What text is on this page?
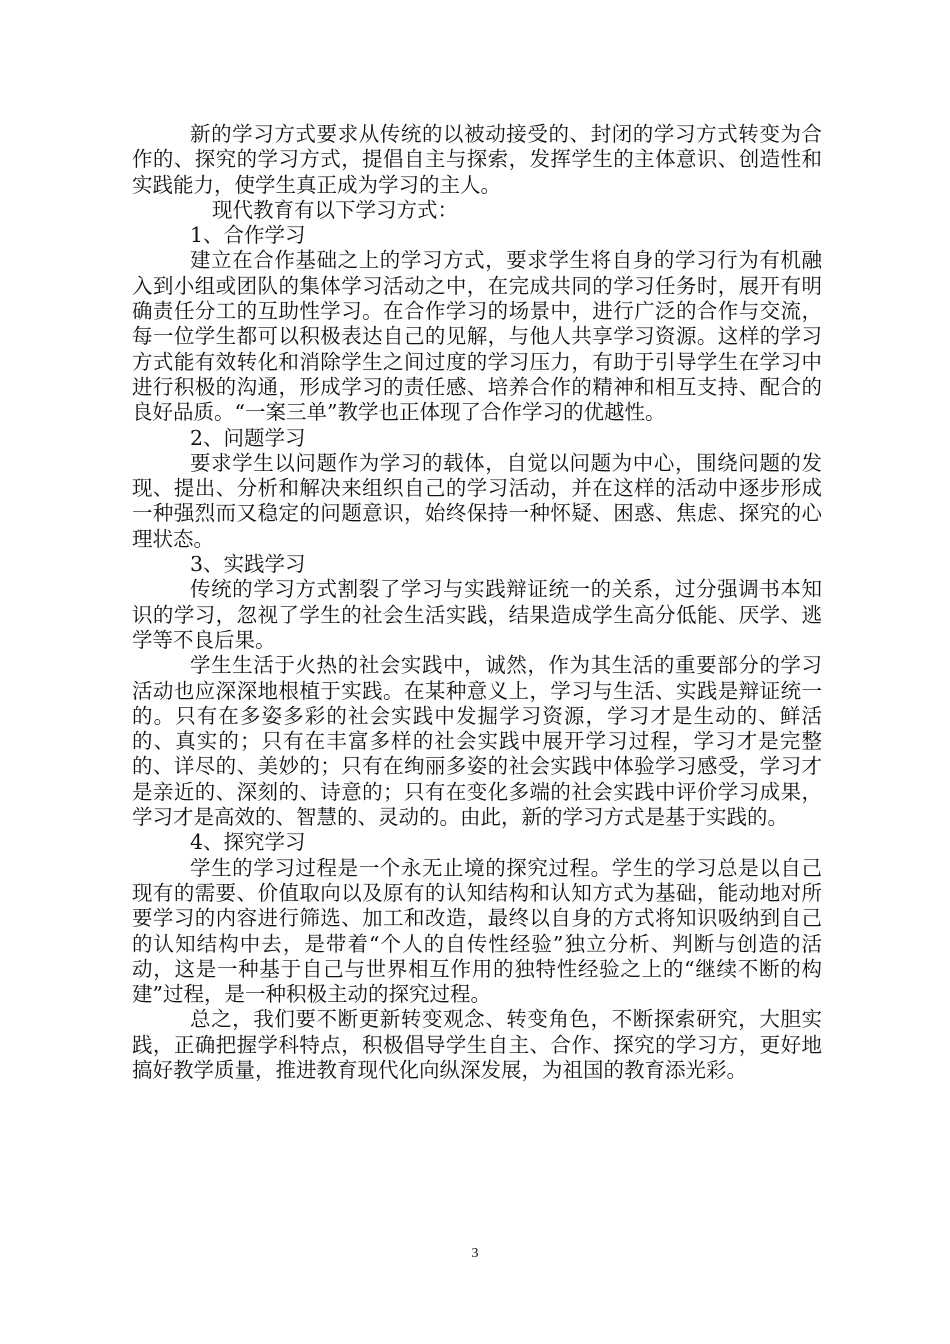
新的学习方式要求从传统的以被动接受的、封闭的学习方式转变为合作的、探究的学习方式，提倡自主与探索，发挥学生的主体意识、创造性和实践能力，使学生真正成为学习的主人。

现代教育有以下学习方式：

1、合作学习

建立在合作基础之上的学习方式，要求学生将自身的学习行为有机融入到小组或团队的集体学习活动之中，在完成共同的学习任务时，展开有明确责任分工的互助性学习。在合作学习的场景中，进行广泛的合作与交流，每一位学生都可以积极表达自己的见解，与他人共享学习资源。这样的学习方式能有效转化和消除学生之间过度的学习压力，有助于引导学生在学习中进行积极的沟通，形成学习的责任感、培养合作的精神和相互支持、配合的良好品质。“一案三单”教学也正体现了合作学习的优越性。

2、问题学习

要求学生以问题作为学习的载体，自觉以问题为中心，围绕问题的发现、提出、分析和解决来组织自己的学习活动，并在这样的活动中逐步形成一种强烈而又稳定的问题意识，始终保持一种怀疑、困惑、焦虑、探究的心理状态。

3、实践学习

传统的学习方式割裂了学习与实践辩证统一的关系，过分强调书本知识的学习，忽视了学生的社会生活实践，结果造成学生高分低能、厌学、逃学等不良后果。

学生生活于火热的社会实践中，诚然，作为其生活的重要部分的学习活动也应深深地根植于实践。在某种意义上，学习与生活、实践是辩证统一的。只有在多姿多彩的社会实践中发掘学习资源，学习才是生动的、鲜活的、真实的；只有在丰富多样的社会实践中展开学习过程，学习才是完整的、详尽的、美妙的；只有在绚丽多姿的社会实践中体验学习感受，学习才是亲近的、深刻的、诗意的；只有在变化多端的社会实践中评价学习成果，学习才是高效的、智慧的、灵动的。由此，新的学习方式是基于实践的。

4、探究学习

学生的学习过程是一个永无止境的探究过程。学生的学习总是以自己现有的需要、价值取向以及原有的认知结构和认知方式为基础，能动地对所要学习的内容进行筛选、加工和改造，最终以自身的方式将知识吸纳到自己的认知结构中去，是带着“个人的自传性经验”独立分析、判断与创造的活动，这是一种基于自己与世界相互作用的独特性经验之上的“继续不断的构建”过程，是一种积极主动的探究过程。

总之，我们要不断更新转变观念、转变角色，不断探索研究，大胆实践，正确把握学科特点，积极倡导学生自主、合作、探究的学习方，更好地搞好教学质量，推进教育现代化向纵深发展，为祖国的教育添光彩。

3
